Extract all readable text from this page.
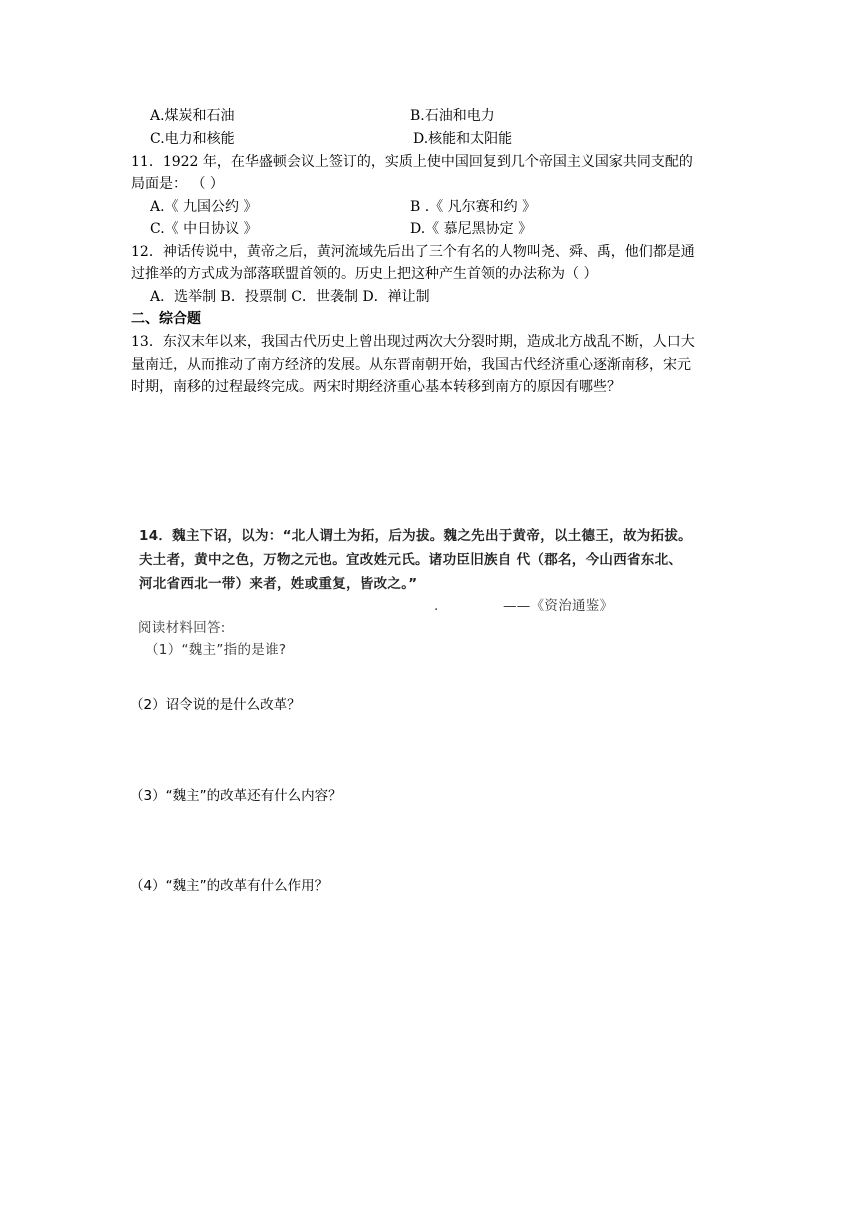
A.煤炭和石油	B.石油和电力
C.电力和核能	D.核能和太阳能
11．1922 年，在华盛顿会议上签订的，实质上使中国回复到几个帝国主义国家共同支配的
局面是： （ ）
A.《 九国公约 》	B .《 凡尔赛和约 》
C.《 中日协议 》	D.《 慕尼黑协定 》
12．神话传说中，黄帝之后，黄河流域先后出了三个有名的人物叫尧、舜、禹，他们都是通
过推举的方式成为部落联盟首领的。历史上把这种产生首领的办法称为（ ）
A．选举制 B．投票制 C．世袭制 D．禅让制
二、综合题
13．东汉末年以来，我国古代历史上曾出现过两次大分裂时期，造成北方战乱不断，人口大
量南迁，从而推动了南方经济的发展。从东晋南朝开始，我国古代经济重心逐渐南移，宋元
时期，南移的过程最终完成。两宋时期经济重心基本转移到南方的原因有哪些？
14．魏主下诏，以为：“北人谓土为拓，后为拔。魏之先出于黄帝，以土德王，故为拓拔。
夫土者，黄中之色，万物之元也。宜改姓元氏。诸功臣旧族自 代（郡名，今山西省东北、
河北省西北一带）来者，姓或重复，皆改之。”
.	——《资治通鉴》
阅读材料回答:
（1）“魏主”指的是谁?
（2）诏令说的是什么改革？
（3）“魏主”的改革还有什么内容？
（4）“魏主”的改革有什么作用？
